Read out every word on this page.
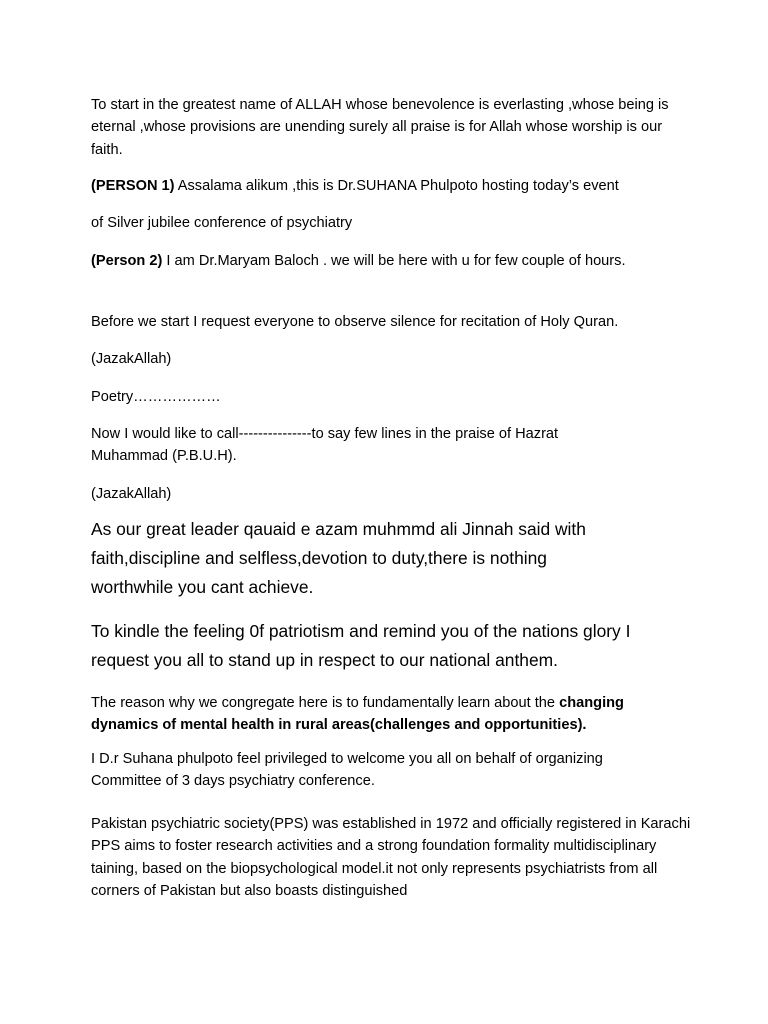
To start in the greatest name of ALLAH whose benevolence is everlasting ,whose being is eternal ,whose provisions are unending surely all praise is for Allah whose worship is our faith.

(PERSON 1) Assalama alikum ,this is Dr.SUHANA Phulpoto hosting today’s event

of Silver jubilee conference of psychiatry

(Person 2) I am Dr.Maryam Baloch . we will be here with u for few couple of hours.

Before we start I request everyone to observe silence for recitation of Holy Quran.

(JazakAllah)

Poetry………………

Now I would like to call---------------to say few lines in the praise of Hazrat Muhammad (P.B.U.H).

(JazakAllah)

As our great leader qauaid e azam muhmmd ali Jinnah said with faith,discipline and selfless,devotion to duty,there is nothing worthwhile you cant achieve.

To kindle the feeling 0f patriotism and remind you of the nations glory I request you all to stand up in respect to our national anthem.

The reason why we congregate here is to fundamentally learn about the changing dynamics of mental health in rural areas(challenges and opportunities).

I D.r Suhana phulpoto feel privileged to welcome you all on behalf of organizing Committee of 3 days psychiatry conference.

Pakistan psychiatric society(PPS) was established in 1972 and officially registered in Karachi PPS aims to foster research activities and a strong foundation formality multidisciplinary taining, based on the biopsychological model.it not only represents psychiatrists from all corners of Pakistan but also boasts distinguished
